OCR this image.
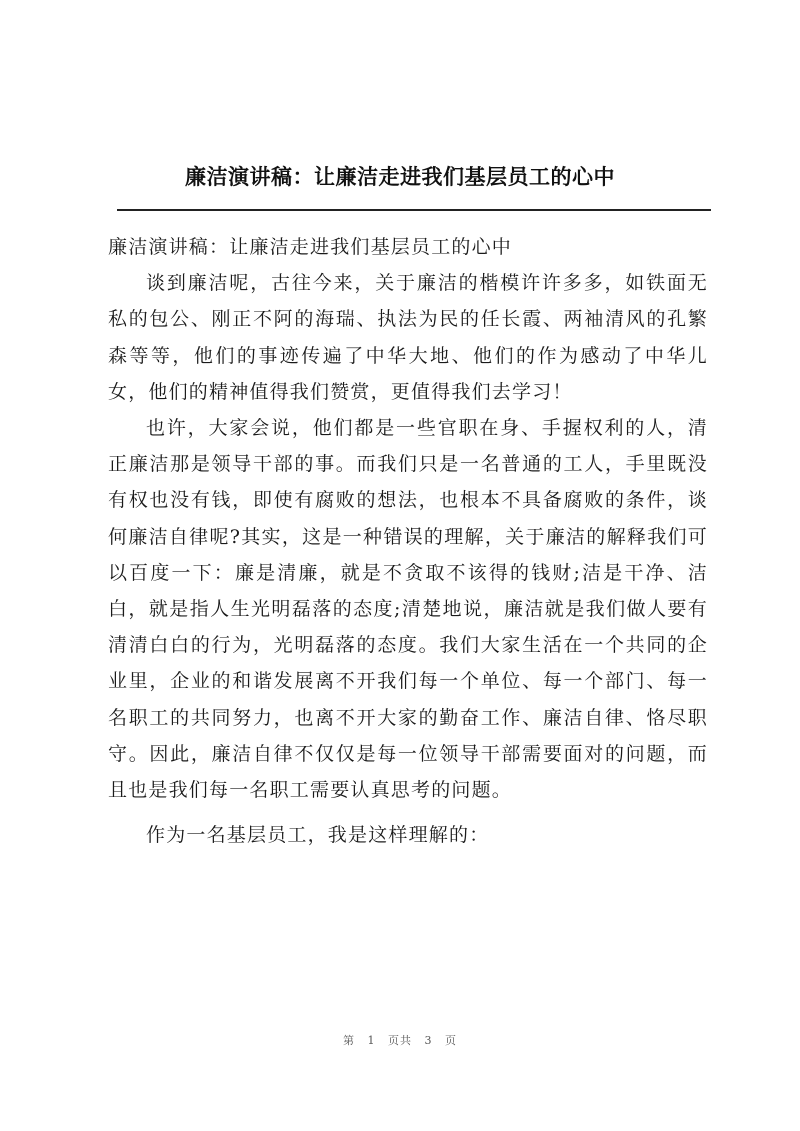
廉洁演讲稿：让廉洁走进我们基层员工的心中

廉洁演讲稿：让廉洁走进我们基层员工的心中

谈到廉洁呢，古往今来，关于廉洁的楷模许许多多，如铁面无私的包公、刚正不阿的海瑞、执法为民的任长霞、两袖清风的孔繁森等等，他们的事迹传遍了中华大地、他们的作为感动了中华儿女，他们的精神值得我们赞赏，更值得我们去学习！

也许，大家会说，他们都是一些官职在身、手握权利的人，清正廉洁那是领导干部的事。而我们只是一名普通的工人，手里既没有权也没有钱，即使有腐败的想法，也根本不具备腐败的条件，谈何廉洁自律呢?其实，这是一种错误的理解，关于廉洁的解释我们可以百度一下：廉是清廉，就是不贪取不该得的钱财;洁是干净、洁白，就是指人生光明磊落的态度;清楚地说，廉洁就是我们做人要有清清白白的行为，光明磊落的态度。我们大家生活在一个共同的企业里，企业的和谐发展离不开我们每一个单位、每一个部门、每一名职工的共同努力，也离不开大家的勤奋工作、廉洁自律、恪尽职守。因此，廉洁自律不仅仅是每一位领导干部需要面对的问题，而且也是我们每一名职工需要认真思考的问题。

作为一名基层员工，我是这样理解的：

第 1 页共 3 页
